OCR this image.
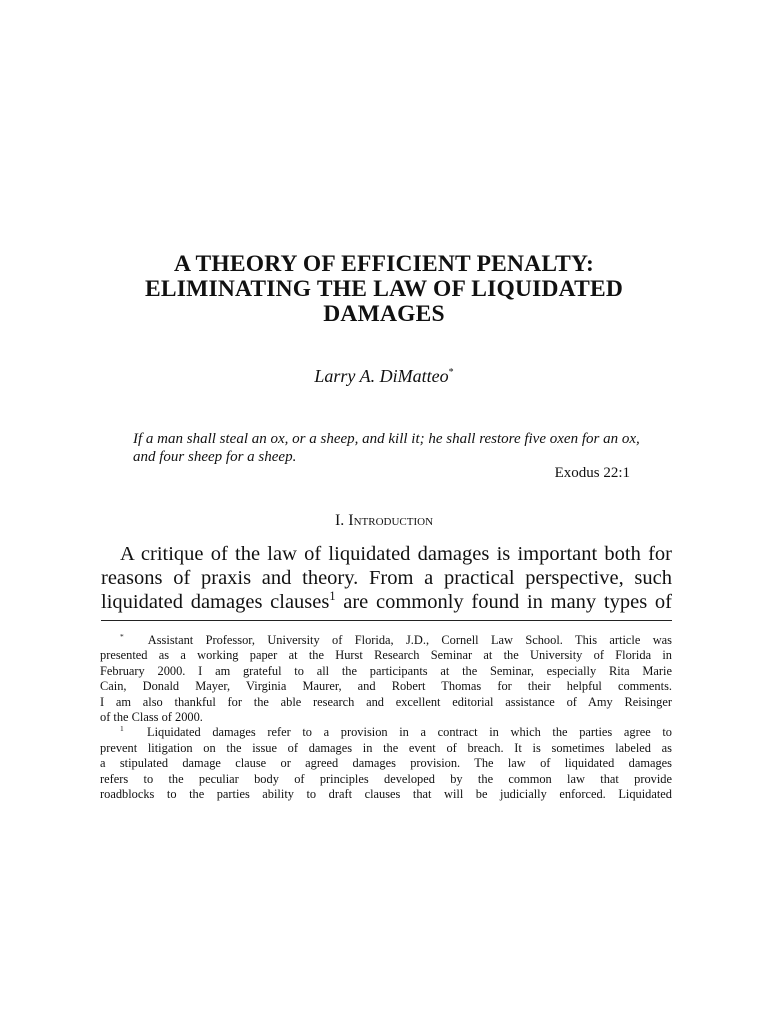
A THEORY OF EFFICIENT PENALTY:
ELIMINATING THE LAW OF LIQUIDATED
DAMAGES

Larry A. DiMatteo*

If a man shall steal an ox, or a sheep, and kill it; he shall restore five oxen for an ox,
and four sheep for a sheep.

Exodus 22:1

I. Introduction

A critique of the law of liquidated damages is important both for
reasons of praxis and theory. From a practical perspective, such
liquidated damages clauses$^1$ are commonly found in many types of

* Assistant Professor, University of Florida, J.D., Cornell Law School. This article was
presented as a working paper at the Hurst Research Seminar at the University of Florida in
February 2000. I am grateful to all the participants at the Seminar, especially Rita Marie
Cain, Donald Mayer, Virginia Maurer, and Robert Thomas for their helpful comments.
I am also thankful for the able research and excellent editorial assistance of Amy Reisinger
of the Class of 2000.
$^1$ Liquidated damages refer to a provision in a contract in which the parties agree to
prevent litigation on the issue of damages in the event of breach. It is sometimes labeled as
a stipulated damage clause or agreed damages provision. The law of liquidated damages
refers to the peculiar body of principles developed by the common law that provide
roadblocks to the parties ability to draft clauses that will be judicially enforced. Liquidated
